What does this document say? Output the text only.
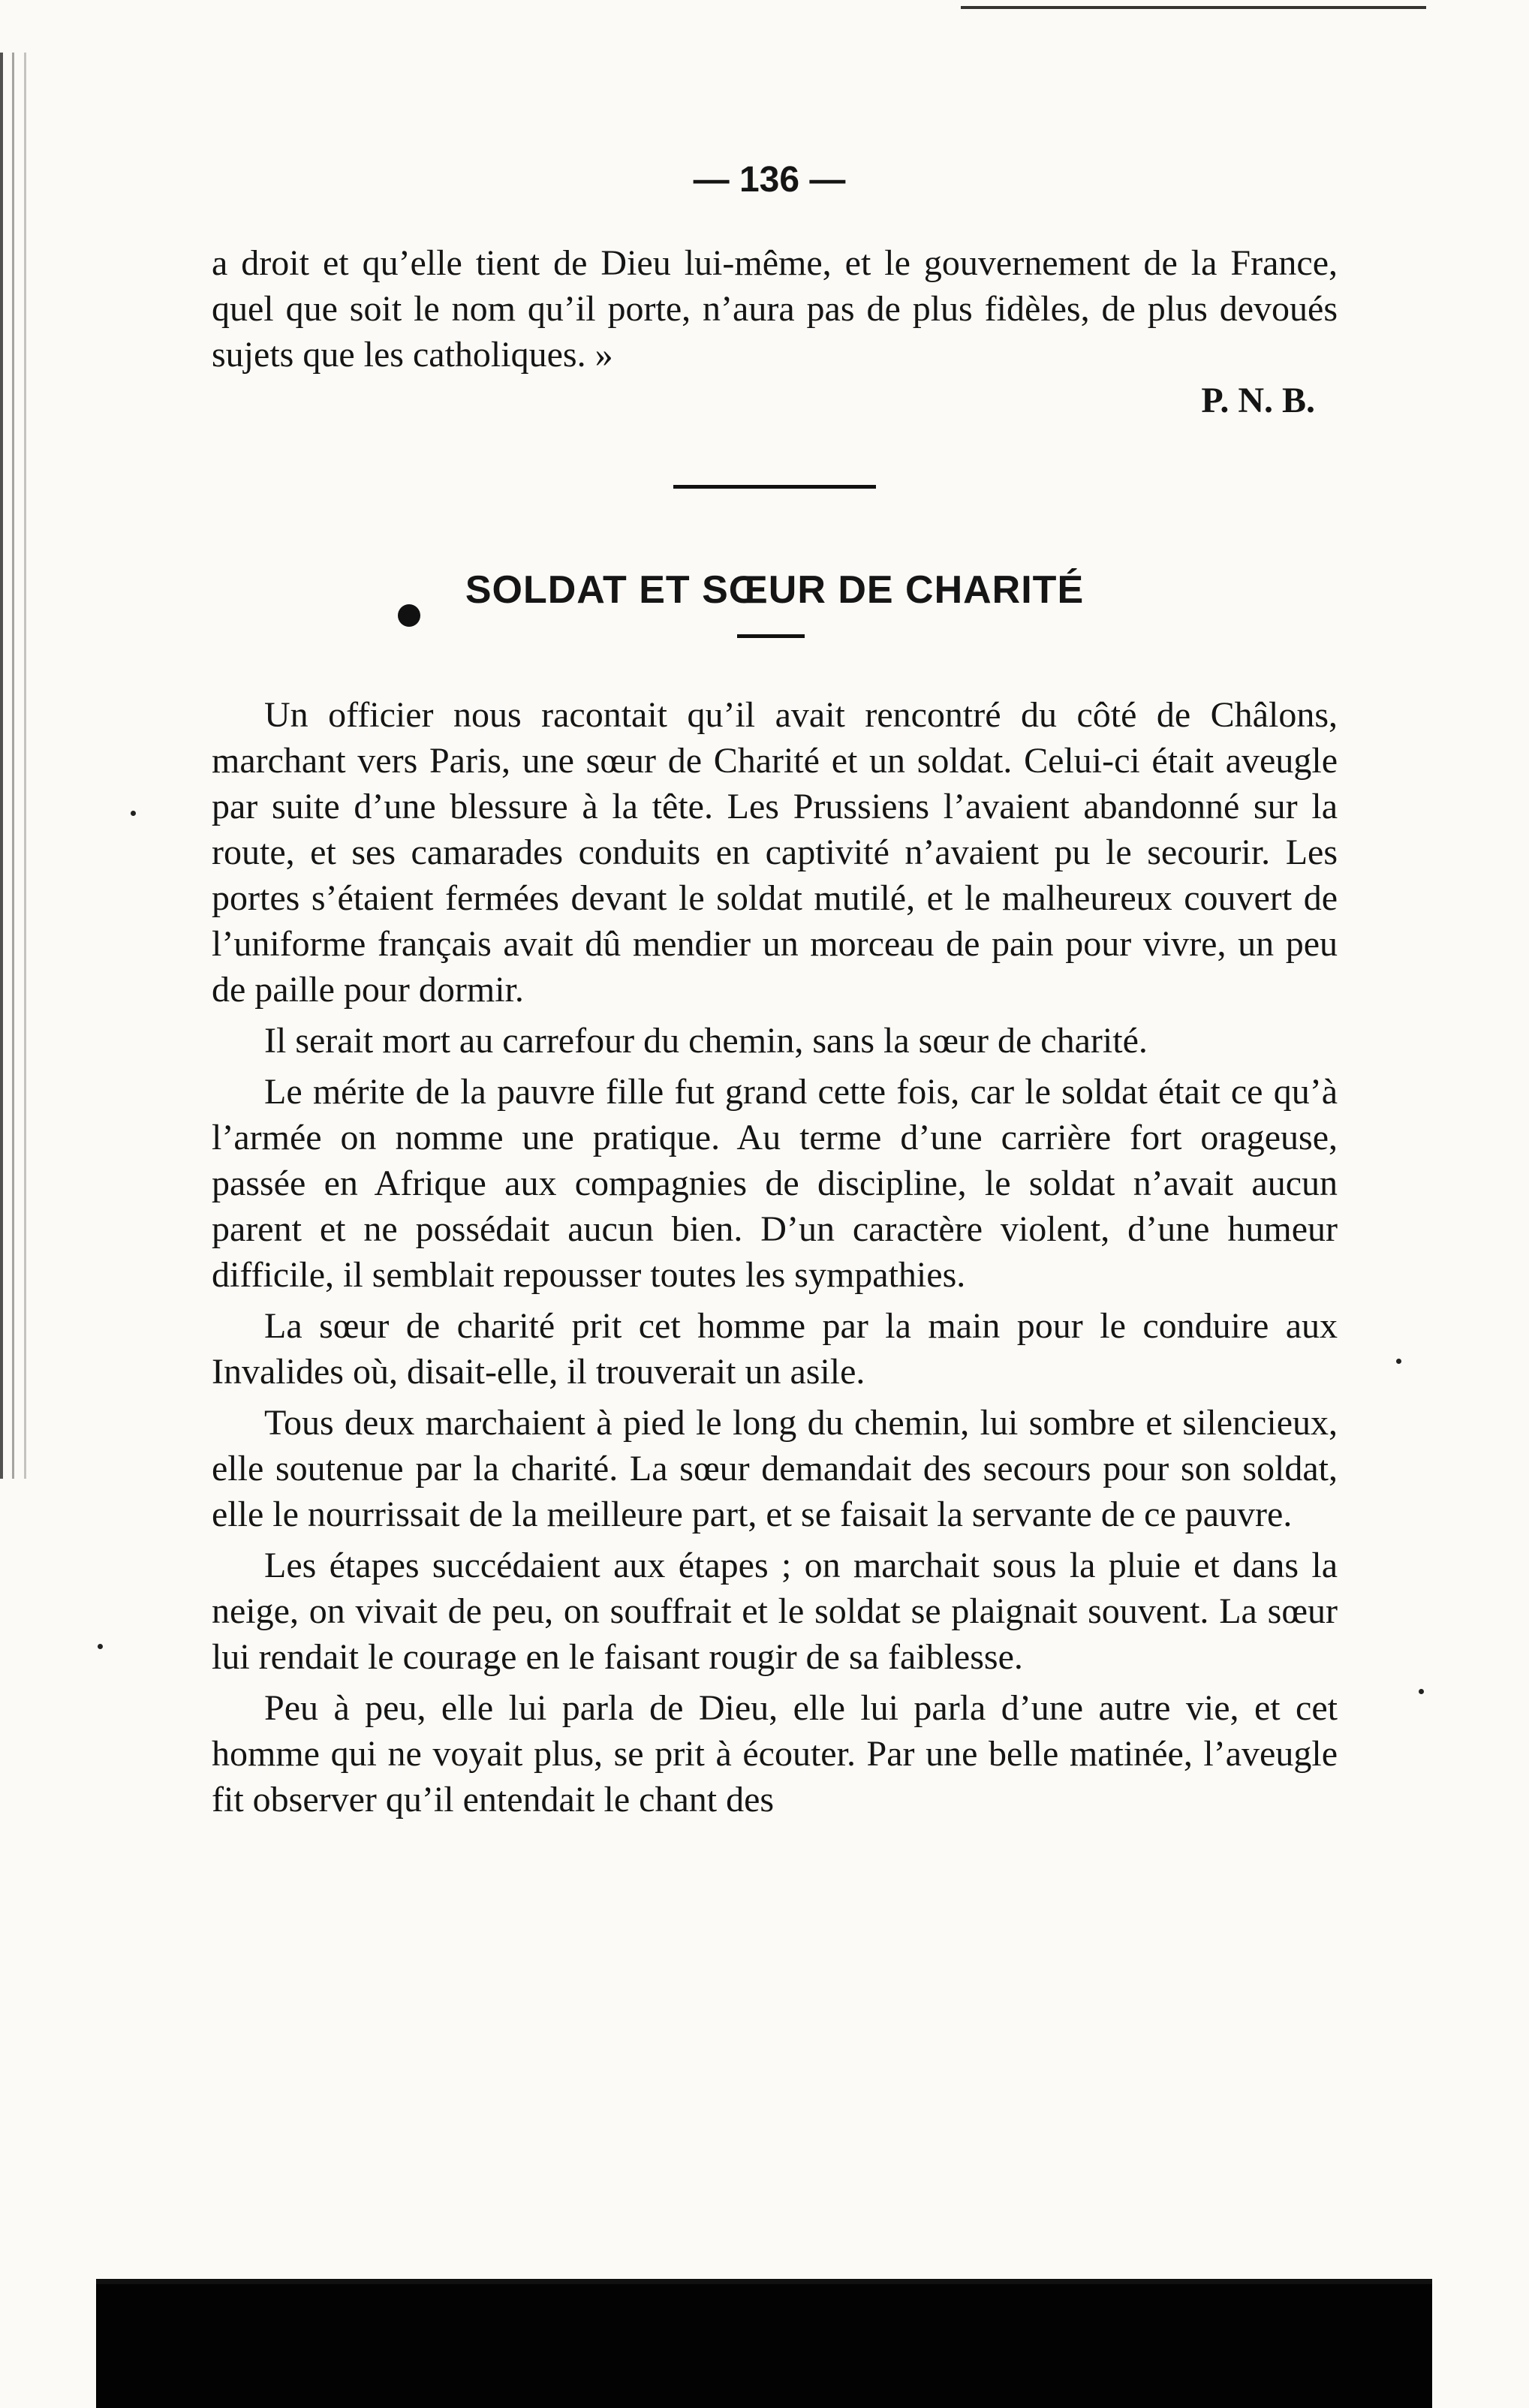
— 136 —

a droit et qu’elle tient de Dieu lui-même, et le gouvernement de la France, quel que soit le nom qu’il porte, n’aura pas de plus fidèles, de plus devoués sujets que les catholiques. »

P. N. B.

SOLDAT ET SŒUR DE CHARITÉ

Un officier nous racontait qu’il avait rencontré du côté de Châlons, marchant vers Paris, une sœur de Charité et un soldat. Celui-ci était aveugle par suite d’une blessure à la tête. Les Prussiens l’avaient abandonné sur la route, et ses camarades conduits en captivité n’avaient pu le secourir. Les portes s’étaient fermées devant le soldat mutilé, et le malheureux couvert de l’uniforme français avait dû mendier un morceau de pain pour vivre, un peu de paille pour dormir.

Il serait mort au carrefour du chemin, sans la sœur de charité.

Le mérite de la pauvre fille fut grand cette fois, car le soldat était ce qu’à l’armée on nomme une pratique. Au terme d’une carrière fort orageuse, passée en Afrique aux compagnies de discipline, le soldat n’avait aucun parent et ne possédait aucun bien. D’un caractère violent, d’une humeur difficile, il semblait repousser toutes les sympathies.

La sœur de charité prit cet homme par la main pour le conduire aux Invalides où, disait-elle, il trouverait un asile.

Tous deux marchaient à pied le long du chemin, lui sombre et silencieux, elle soutenue par la charité. La sœur demandait des secours pour son soldat, elle le nourrissait de la meilleure part, et se faisait la servante de ce pauvre.

Les étapes succédaient aux étapes ; on marchait sous la pluie et dans la neige, on vivait de peu, on souffrait et le soldat se plaignait souvent. La sœur lui rendait le courage en le faisant rougir de sa faiblesse.

Peu à peu, elle lui parla de Dieu, elle lui parla d’une autre vie, et cet homme qui ne voyait plus, se prit à écouter. Par une belle matinée, l’aveugle fit observer qu’il entendait le chant des
